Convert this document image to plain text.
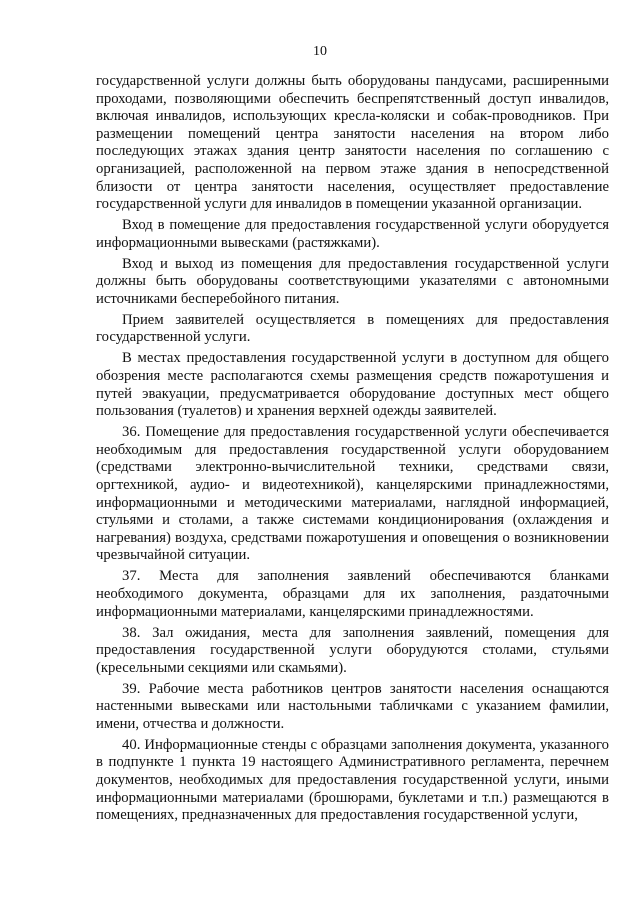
10

государственной услуги должны быть оборудованы пандусами, расширенными проходами, позволяющими обеспечить беспрепятственный доступ инвалидов, включая инвалидов, использующих кресла-коляски и собак-проводников. При размещении помещений центра занятости населения на втором либо последующих этажах здания центр занятости населения по соглашению с организацией, расположенной на первом этаже здания в непосредственной близости от центра занятости населения, осуществляет предоставление государственной услуги для инвалидов в помещении указанной организации.

Вход в помещение для предоставления государственной услуги оборудуется информационными вывесками (растяжками).

Вход и выход из помещения для предоставления государственной услуги должны быть оборудованы соответствующими указателями с автономными источниками бесперебойного питания.

Прием заявителей осуществляется в помещениях для предоставления государственной услуги.

В местах предоставления государственной услуги в доступном для общего обозрения месте располагаются схемы размещения средств пожаротушения и путей эвакуации, предусматривается оборудование доступных мест общего пользования (туалетов) и хранения верхней одежды заявителей.

36. Помещение для предоставления государственной услуги обеспечивается необходимым для предоставления государственной услуги оборудованием (средствами электронно-вычислительной техники, средствами связи, оргтехникой, аудио- и видеотехникой), канцелярскими принадлежностями, информационными и методическими материалами, наглядной информацией, стульями и столами, а также системами кондиционирования (охлаждения и нагревания) воздуха, средствами пожаротушения и оповещения о возникновении чрезвычайной ситуации.

37. Места для заполнения заявлений обеспечиваются бланками необходимого документа, образцами для их заполнения, раздаточными информационными материалами, канцелярскими принадлежностями.

38. Зал ожидания, места для заполнения заявлений, помещения для предоставления государственной услуги оборудуются столами, стульями (кресельными секциями или скамьями).

39. Рабочие места работников центров занятости населения оснащаются настенными вывесками или настольными табличками с указанием фамилии, имени, отчества и должности.

40. Информационные стенды с образцами заполнения документа, указанного в подпункте 1 пункта 19 настоящего Административного регламента, перечнем документов, необходимых для предоставления государственной услуги, иными информационными материалами (брошюрами, буклетами и т.п.) размещаются в помещениях, предназначенных для предоставления государственной услуги,
